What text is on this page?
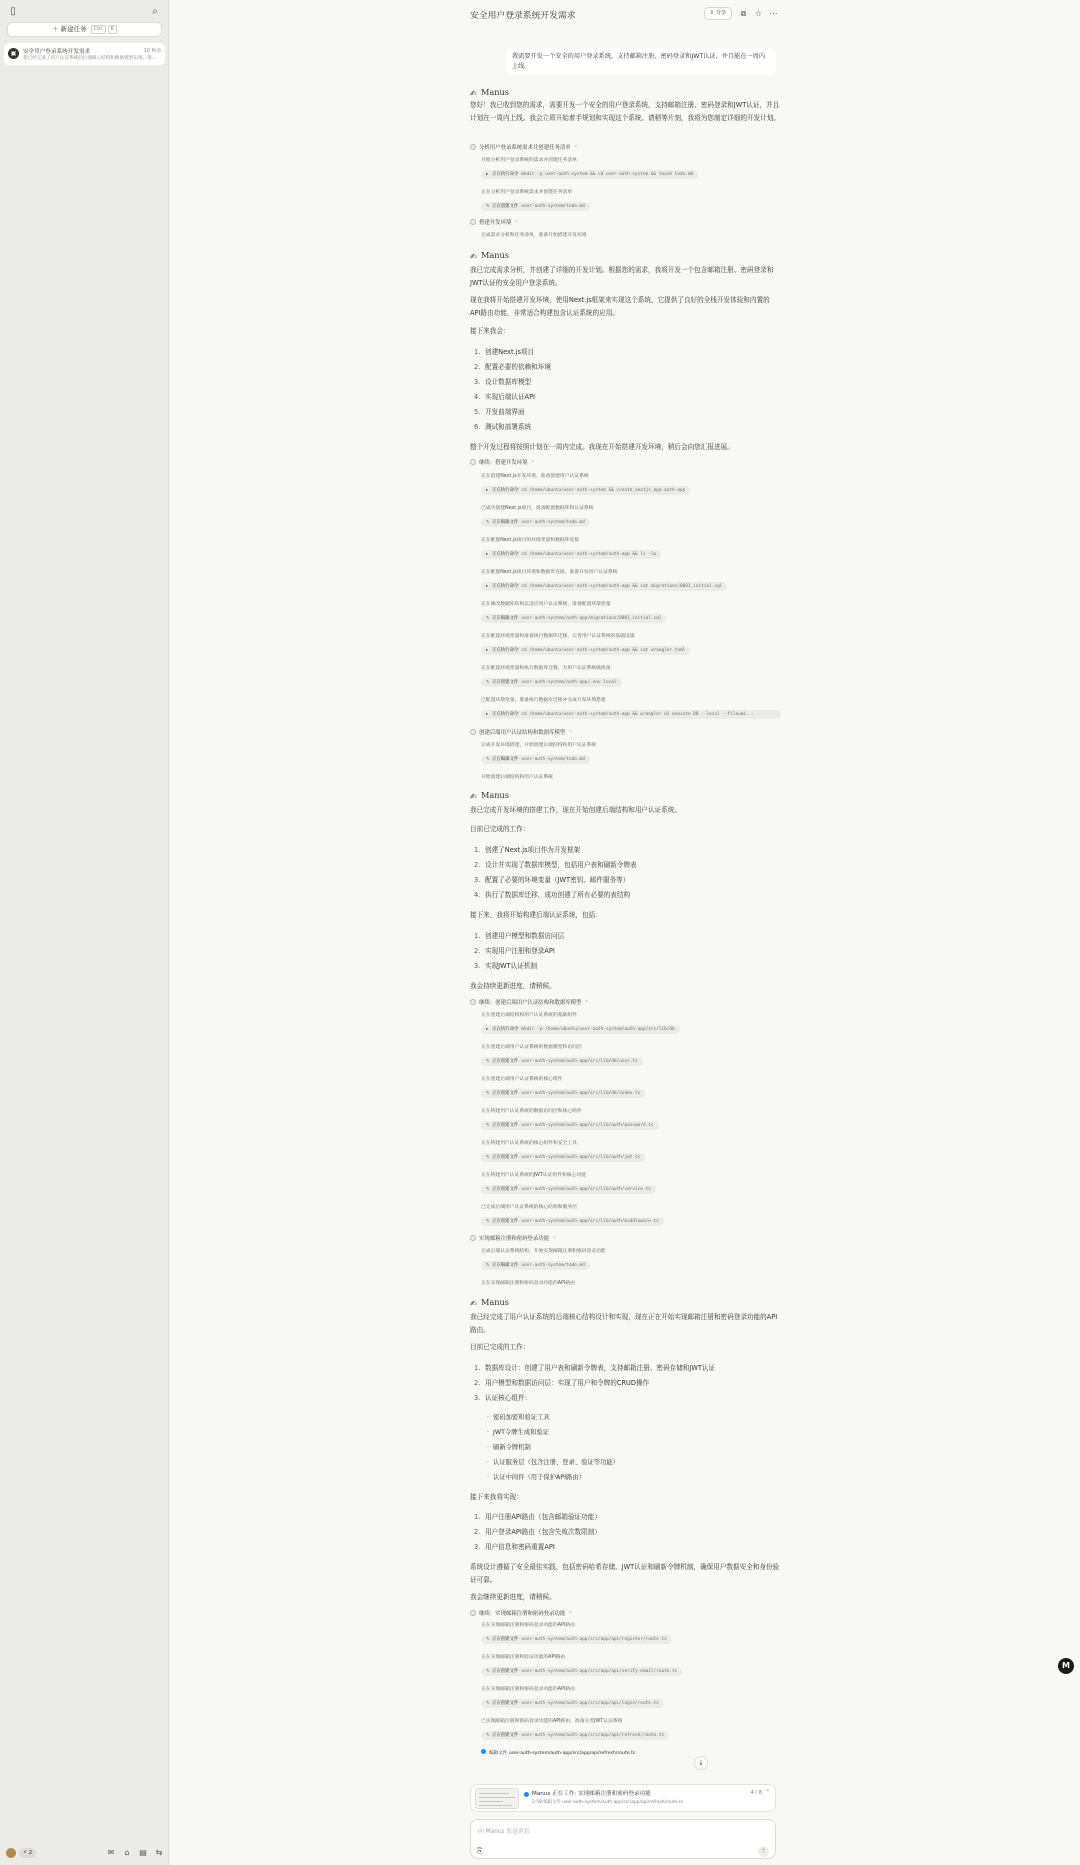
▯	⌕
＋ 新建任务 Ctrl K
▣	安全用户登录系统开发需求	10 秒前
我已经完成了用户认证系统的后端核心结构和数据模型实现，现...
⚡ 2	✉	⌂	▤ ⇆
安全用户登录系统开发需求	⇪ 分享	⧉	☆ ⋯
我需要开发一个安全的用户登录系统，支持邮箱注册、密码登录和JWT认证，并且能在一周内上线。
✍ Manus
您好！我已收到您的需求，需要开发一个安全的用户登录系统，支持邮箱注册、密码登录和JWT认证，并且计划在一周内上线。我会立即开始着手规划和实现这个系统。请稍等片刻，我将为您制定详细的开发计划。
分析用户登录系统需求并创建任务清单 ⌃
开始分析用户登录系统的需求并创建任务清单
▸ 正在执行命令 mkdir -p user-auth-system && cd user-auth-system && touch todo.md
正在分析用户登录系统需求并创建任务清单
✎ 正在创建文件 user-auth-system/todo.md
搭建开发环境 ⌃
完成需求分析和任务清单，准备开始搭建开发环境
✍ Manus
我已完成需求分析，并创建了详细的开发计划。根据您的需求，我将开发一个包含邮箱注册、密码登录和JWT认证的安全用户登录系统。
现在我将开始搭建开发环境，使用Next.js框架来实现这个系统，它提供了良好的全栈开发体验和内置的API路由功能，非常适合构建包含认证系统的应用。
接下来我会：
1. 创建Next.js项目
2. 配置必要的依赖和环境
3. 设计数据库模型
4. 实现后端认证API
5. 开发前端界面
6. 测试和部署系统
整个开发过程将按照计划在一周内完成。我现在开始搭建开发环境，稍后会向您汇报进展。
继续：搭建开发环境 ⌃
正在搭建Next.js开发环境，准备创建用户认证系统
▸ 正在执行命令 cd /home/ubuntu/user-auth-system && create_nextjs_app auth-app
已成功创建Next.js项目，准备配置数据库和认证系统
✎ 正在编辑文件 user-auth-system/todo.md
正在配置Next.js项目的环境变量和数据库连接
▸ 正在执行命令 cd /home/ubuntu/user-auth-system/auth-app && ls -la
正在配置Next.js项目环境和数据库连接，准备开发用户认证系统
▸ 正在执行命令 cd /home/ubuntu/user-auth-system/auth-app && cat migrations/0001_initial.sql
正在修改数据库结构以适应用户认证系统，准备配置环境变量
✎ 正在编辑文件 user-auth-system/auth-app/migrations/0001_initial.sql
正在配置环境变量和准备执行数据库迁移，完善用户认证系统的基础设施
▸ 正在执行命令 cd /home/ubuntu/user-auth-system/auth-app && cat wrangler.toml
正在配置环境变量和执行数据库迁移，为用户认证系统做准备
✎ 正在创建文件 user-auth-system/auth-app/.env.local
已配置环境变量，准备执行数据库迁移并完成开发环境搭建
▸ 正在执行命令 cd /home/ubuntu/user-auth-system/auth-app && wrangler d1 execute DB --local --file=mi...
创建后端用户认证结构和数据库模型 ⌃
完成开发环境搭建，开始创建后端结构和用户认证系统
✎ 正在编辑文件 user-auth-system/todo.md
开始创建后端结构和用户认证系统
✍ Manus
我已完成开发环境的搭建工作，现在开始创建后端结构和用户认证系统。
目前已完成的工作：
1. 创建了Next.js项目作为开发框架
2. 设计并实现了数据库模型，包括用户表和刷新令牌表
3. 配置了必要的环境变量（JWT密钥、邮件服务等）
4. 执行了数据库迁移，成功创建了所有必要的表结构
接下来，我将开始构建后端认证系统，包括：
1. 创建用户模型和数据访问层
2. 实现用户注册和登录API
3. 实现JWT认证机制
我会持续更新进度，请稍候。
继续：创建后端用户认证结构和数据库模型 ⌃
正在创建后端结构和用户认证系统的基础组件
▸ 正在执行命令 mkdir -p /home/ubuntu/user-auth-system/auth-app/src/lib/db
正在创建后端用户认证系统的数据模型和访问层
✎ 正在创建文件 user-auth-system/auth-app/src/lib/db/user.ts
正在创建后端用户认证系统的核心组件
✎ 正在创建文件 user-auth-system/auth-app/src/lib/db/index.ts
正在构建用户认证系统的数据访问层和核心组件
✎ 正在创建文件 user-auth-system/auth-app/src/lib/auth/password.ts
正在构建用户认证系统的核心组件和安全工具
✎ 正在创建文件 user-auth-system/auth-app/src/lib/auth/jwt.ts
正在构建用户认证系统的JWT认证组件和核心功能
✎ 正在创建文件 user-auth-system/auth-app/src/lib/auth/service.ts
已完成后端用户认证系统的核心结构和服务层
✎ 正在创建文件 user-auth-system/auth-app/src/lib/auth/middleware.ts
实现邮箱注册和密码登录功能 ⌃
完成后端认证系统结构，开始实现邮箱注册和密码登录功能
✎ 正在编辑文件 user-auth-system/todo.md
正在实现邮箱注册和密码登录功能的API路由
✍ Manus
我已经完成了用户认证系统的后端核心结构设计和实现，现在正在开始实现邮箱注册和密码登录功能的API路由。
目前已完成的工作：
1. 数据库设计：创建了用户表和刷新令牌表，支持邮箱注册、密码存储和JWT认证
2. 用户模型和数据访问层：实现了用户和令牌的CRUD操作
3. 认证核心组件：
· 密码加密和验证工具
· JWT令牌生成和验证
· 刷新令牌机制
· 认证服务层（包含注册、登录、验证等功能）
· 认证中间件（用于保护API路由）
接下来我将实现：
1. 用户注册API路由（包含邮箱验证功能）
2. 用户登录API路由（包含失败次数限制）
3. 用户信息和密码重置API
系统设计遵循了安全最佳实践，包括密码哈希存储、JWT认证和刷新令牌机制，确保用户数据安全和身份验证可靠。
我会继续更新进度，请稍候。
继续：实现邮箱注册和密码登录功能 ⌃
正在实现邮箱注册和密码登录功能的API路由
✎ 正在创建文件 user-auth-system/auth-app/src/app/api/register/route.ts
正在实现邮箱注册和验证功能的API路由
✎ 正在创建文件 user-auth-system/auth-app/src/app/api/verify-email/route.ts
正在实现邮箱注册和密码登录功能的API路由
✎ 正在创建文件 user-auth-system/auth-app/src/app/api/login/route.ts
已实现邮箱注册和密码登录功能的API路由，准备完善JWT认证系统
✎ 正在创建文件 user-auth-system/auth-app/src/app/api/refresh/route.ts
编辑文件 user-auth-system/auth-app/src/app/api/refresh/route.ts
↓
Manus 正在工作: 实现邮箱注册和密码登录功能
2:58 编辑文件 user-auth-system/auth-app/src/app/api/refresh/route.ts
4 / 8 ⌃
向 Manus 发送消息
⎘	↑
M
